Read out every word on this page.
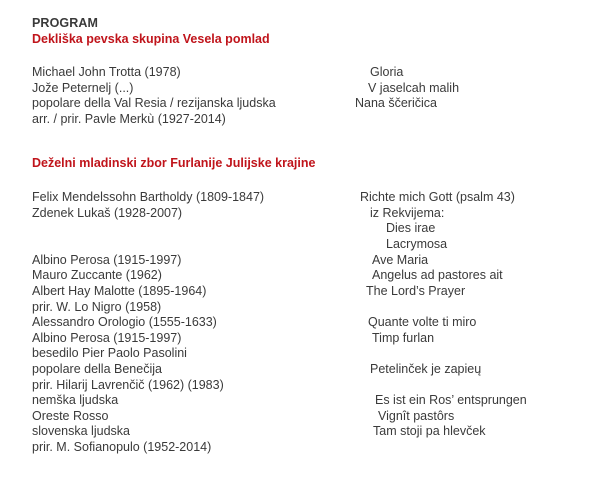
PROGRAM
Dekliška pevska skupina Vesela pomlad
Michael John Trotta (1978)
Jože Peternelj (...)
popolare della Val Resia / rezijanska ljudska
arr. / prir. Pavle Merkù (1927-2014)
Gloria
V jaselcah malih
Nana ščeričica
Deželni mladinski zbor Furlanije Julijske krajine
Felix Mendelssohn Bartholdy (1809-1847)
Zdenek Lukaš (1928-2007)
Albino Perosa (1915-1997)
Mauro Zuccante (1962)
Albert Hay Malotte (1895-1964)
prir. W. Lo Nigro (1958)
Alessandro Orologio (1555-1633)
Albino Perosa (1915-1997)
besedilo Pier Paolo Pasolini
popolare della Benečija
prir. Hilarij Lavrenčič (1962) (1983)
nemška ljudska
Oreste Rosso
slovenska ljudska
prir. M. Sofianopulo (1952-2014)
Richte mich Gott (psalm 43)
iz Rekvijema:
Dies irae
Lacrymosa
Ave Maria
Angelus ad pastores ait
The Lord’s Prayer
Quante volte ti miro
Timp furlan
Petelinček je zapieų
Es ist ein Ros’ entsprungen
Vignît pastôrs
Tam stoji pa hlevček
